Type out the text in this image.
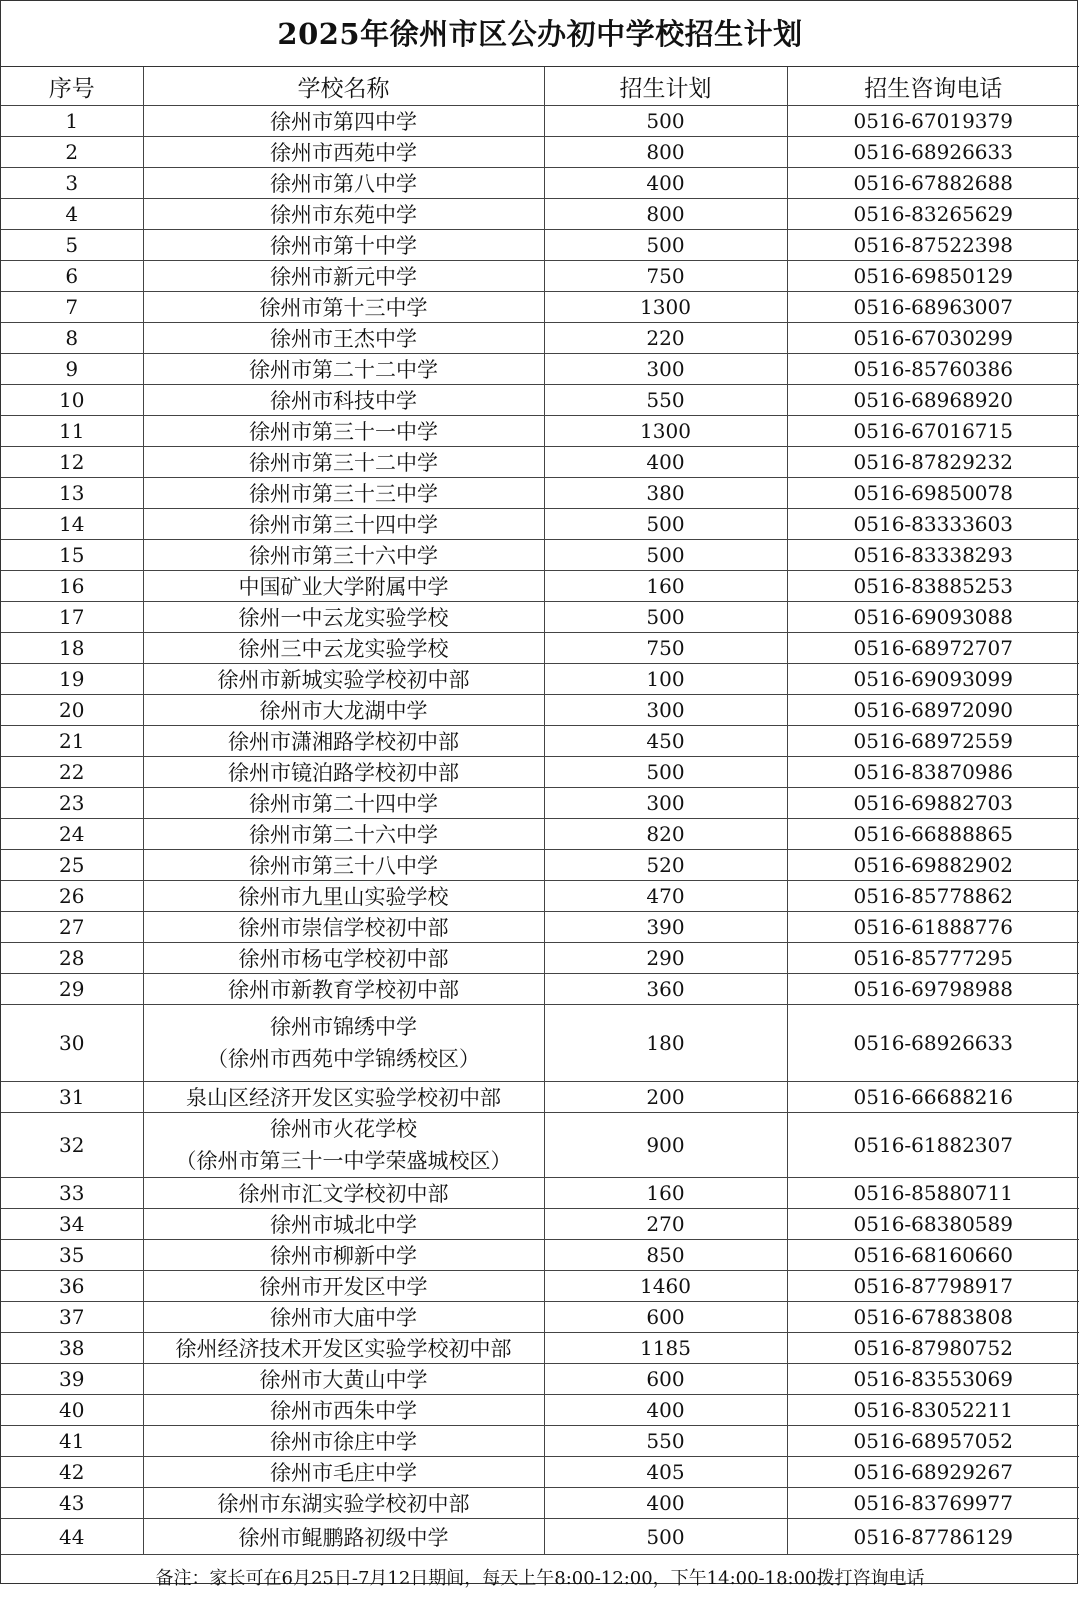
2025年徐州市区公办初中学校招生计划
序号	学校名称	招生计划	招生咨询电话
1	徐州市第四中学	500	0516-67019379
2	徐州市西苑中学	800	0516-68926633
3	徐州市第八中学	400	0516-67882688
4	徐州市东苑中学	800	0516-83265629
5	徐州市第十中学	500	0516-87522398
6	徐州市新元中学	750	0516-69850129
7	徐州市第十三中学	1300	0516-68963007
8	徐州市王杰中学	220	0516-67030299
9	徐州市第二十二中学	300	0516-85760386
10	徐州市科技中学	550	0516-68968920
11	徐州市第三十一中学	1300	0516-67016715
12	徐州市第三十二中学	400	0516-87829232
13	徐州市第三十三中学	380	0516-69850078
14	徐州市第三十四中学	500	0516-83333603
15	徐州市第三十六中学	500	0516-83338293
16	中国矿业大学附属中学	160	0516-83885253
17	徐州一中云龙实验学校	500	0516-69093088
18	徐州三中云龙实验学校	750	0516-68972707
19	徐州市新城实验学校初中部	100	0516-69093099
20	徐州市大龙湖中学	300	0516-68972090
21	徐州市潇湘路学校初中部	450	0516-68972559
22	徐州市镜泊路学校初中部	500	0516-83870986
23	徐州市第二十四中学	300	0516-69882703
24	徐州市第二十六中学	820	0516-66888865
25	徐州市第三十八中学	520	0516-69882902
26	徐州市九里山实验学校	470	0516-85778862
27	徐州市崇信学校初中部	390	0516-61888776
28	徐州市杨屯学校初中部	290	0516-85777295
29	徐州市新教育学校初中部	360	0516-69798988
30	徐州市锦绣中学
（徐州市西苑中学锦绣校区）	180	0516-68926633
31	泉山区经济开发区实验学校初中部	200	0516-66688216
32	徐州市火花学校
（徐州市第三十一中学荣盛城校区）	900	0516-61882307
33	徐州市汇文学校初中部	160	0516-85880711
34	徐州市城北中学	270	0516-68380589
35	徐州市柳新中学	850	0516-68160660
36	徐州市开发区中学	1460	0516-87798917
37	徐州市大庙中学	600	0516-67883808
38	徐州经济技术开发区实验学校初中部	1185	0516-87980752
39	徐州市大黄山中学	600	0516-83553069
40	徐州市西朱中学	400	0516-83052211
41	徐州市徐庄中学	550	0516-68957052
42	徐州市毛庄中学	405	0516-68929267
43	徐州市东湖实验学校初中部	400	0516-83769977
44	徐州市鲲鹏路初级中学	500	0516-87786129
备注：家长可在6月25日-7月12日期间，每天上午8:00-12:00，下午14:00-18:00拨打咨询电话			
